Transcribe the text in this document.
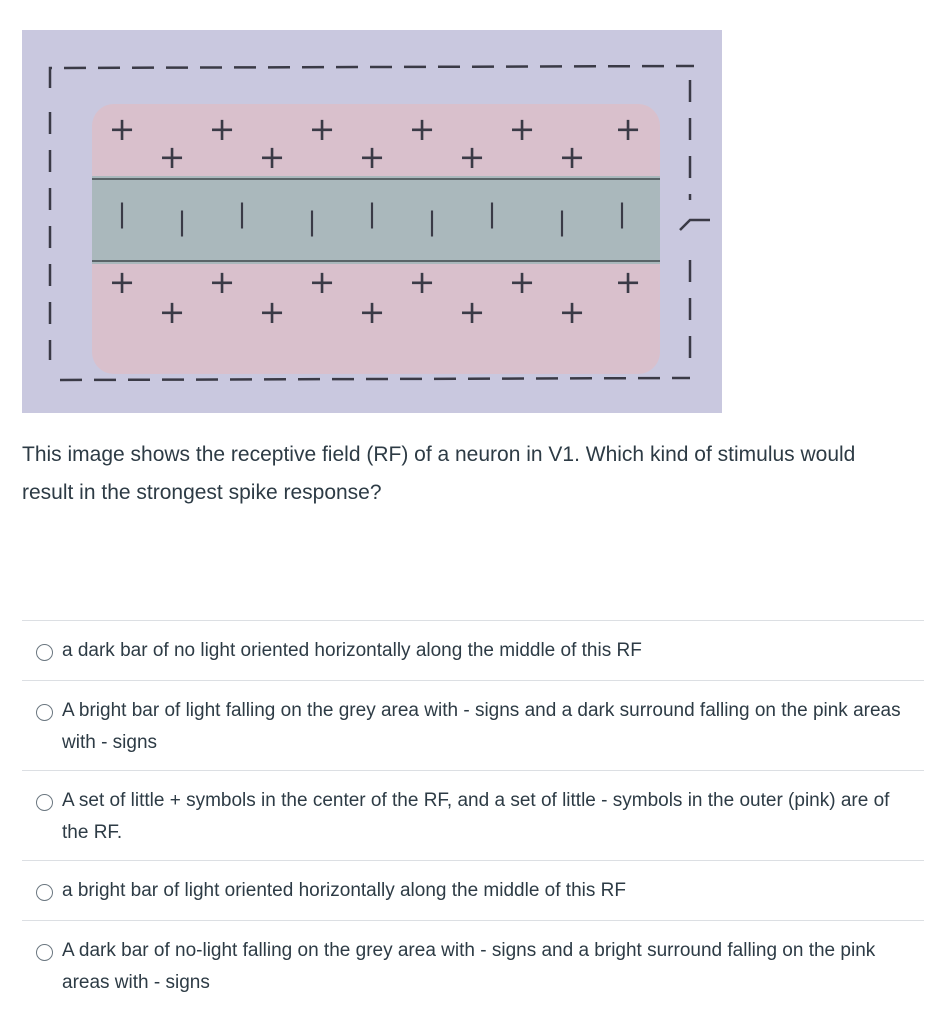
+ + + + + +
+ + + + +
+ + + + + +
+ + + + +
| | | | | | | | |
This image shows the receptive field (RF) of a neuron in V1. Which kind of stimulus would result in the strongest spike response?
a dark bar of no light oriented horizontally along the middle of this RF
A bright bar of light falling on the grey area with - signs and a dark surround falling on the pink areas with - signs
A set of little + symbols in the center of the RF, and a set of little - symbols in the outer (pink) are of the RF.
a bright bar of light oriented horizontally along the middle of this RF
A dark bar of no-light falling on the grey area with - signs and a bright surround falling on the pink areas with - signs
